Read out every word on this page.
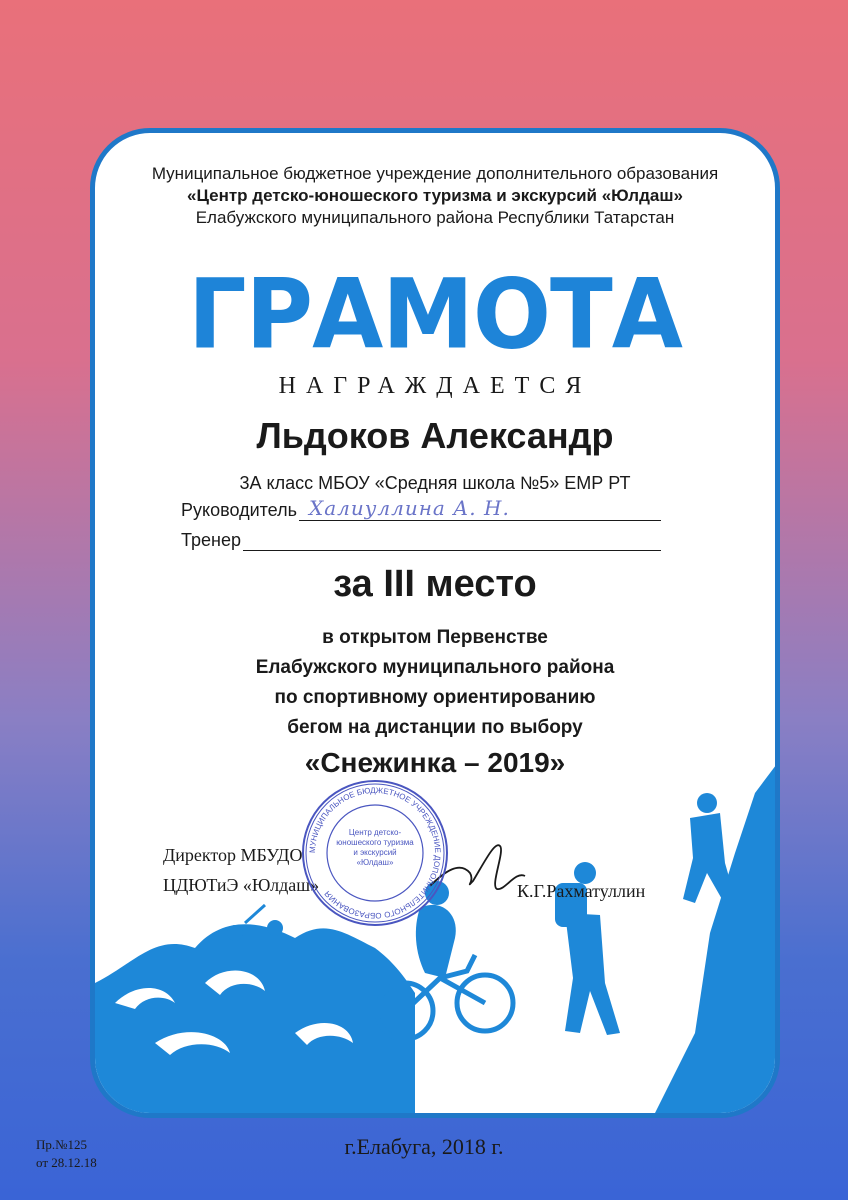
Муниципальное бюджетное учреждение дополнительного образования
«Центр детско-юношеского туризма и экскурсий «Юлдаш»
Елабужского муниципального района Республики Татарстан
ГРАМОТА
НАГРАЖДАЕТСЯ
Льдоков Александр
3А класс МБОУ «Средняя школа №5» ЕМР РТ
Руководитель Халиуллина А. Н.
Тренер
за III место
в открытом Первенстве
Елабужского муниципального района
по спортивному ориентированию
бегом на дистанции по выбору
«Снежинка – 2019»
Директор МБУДО
ЦДЮТиЭ «Юлдаш»	К.Г.Рахматуллин
МУНИЦИПАЛЬНОЕ БЮДЖЕТНОЕ УЧРЕЖДЕНИЕ ДОПОЛНИТЕЛЬНОГО ОБРАЗОВАНИЯ
Центр детско-юношеского туризма и экскурсий «Юлдаш»
г.Елабуга, 2018 г.
Пр.№125
от 28.12.18
